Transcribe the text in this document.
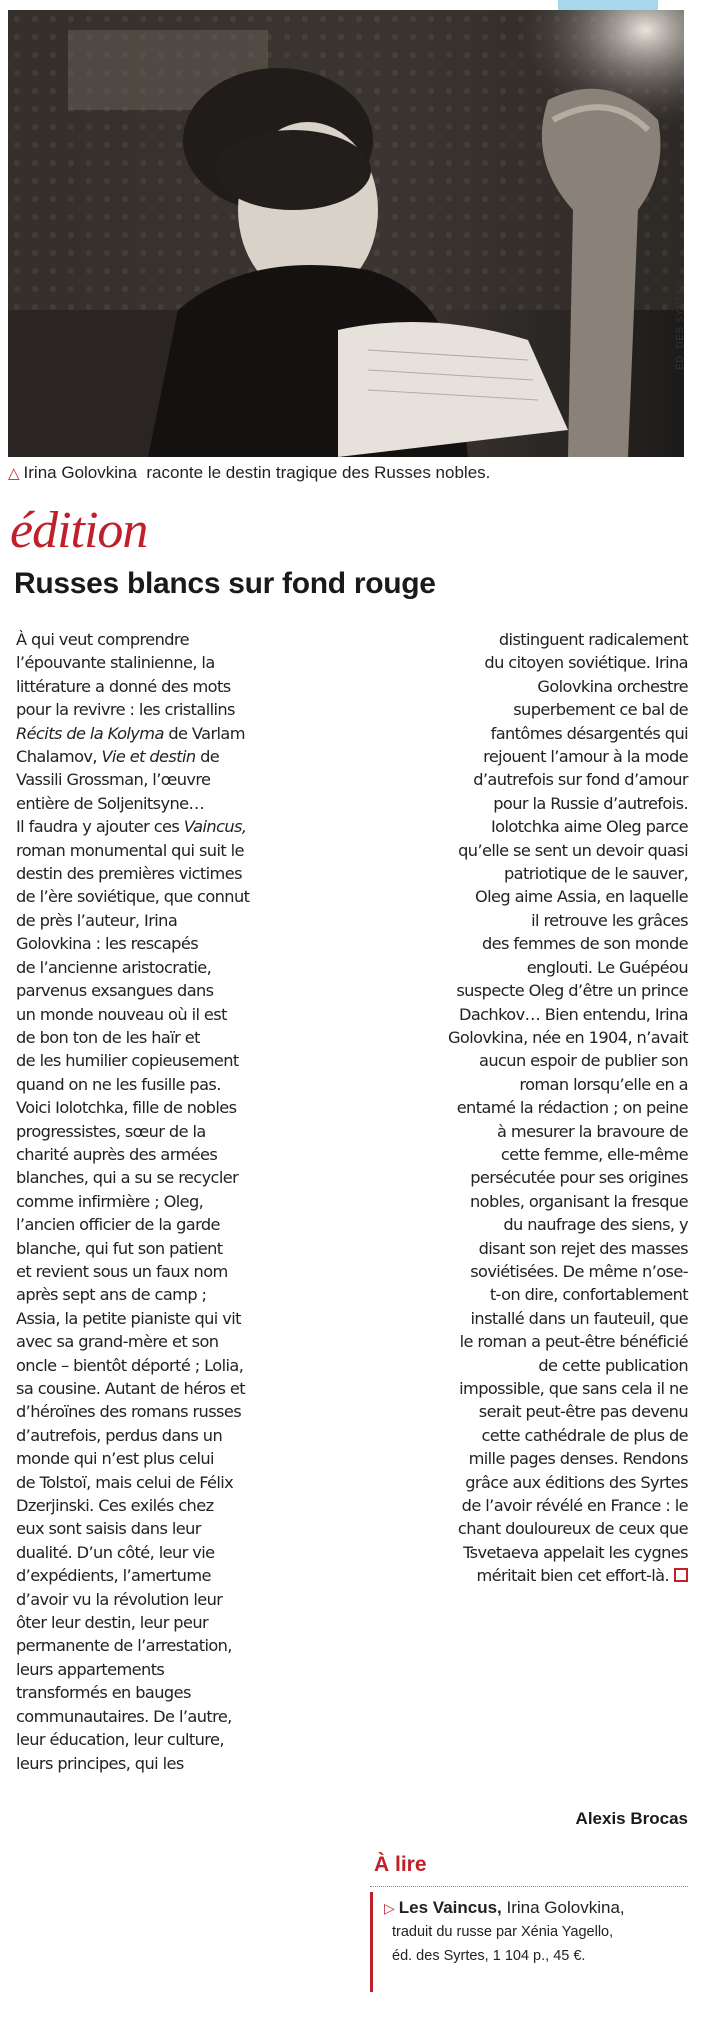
ÉD. DES SYRTES
△ Irina Golovkina raconte le destin tragique des Russes nobles.
édition
Russes blancs sur fond rouge
À qui veut comprendre
l’épouvante stalinienne, la
littérature a donné des mots
pour la revivre : les cristallins
Récits de la Kolyma de Varlam
Chalamov, Vie et destin de
Vassili Grossman, l’œuvre
entière de Soljenitsyne…
Il faudra y ajouter ces Vaincus,
roman monumental qui suit le
destin des premières victimes
de l’ère soviétique, que connut
de près l’auteur, Irina
Golovkina : les rescapés
de l’ancienne aristocratie,
parvenus exsangues dans
un monde nouveau où il est
de bon ton de les haïr et
de les humilier copieusement
quand on ne les fusille pas.
Voici Iolotchka, fille de nobles
progressistes, sœur de la
charité auprès des armées
blanches, qui a su se recycler
comme infirmière ; Oleg,
l’ancien officier de la garde
blanche, qui fut son patient
et revient sous un faux nom
après sept ans de camp ;
Assia, la petite pianiste qui vit
avec sa grand-mère et son
oncle – bientôt déporté ; Lolia,
sa cousine. Autant de héros et
d’héroïnes des romans russes
d’autrefois, perdus dans un
monde qui n’est plus celui
de Tolstoï, mais celui de Félix
Dzerjinski. Ces exilés chez
eux sont saisis dans leur
dualité. D’un côté, leur vie
d’expédients, l’amertume
d’avoir vu la révolution leur
ôter leur destin, leur peur
permanente de l’arrestation,
leurs appartements
transformés en bauges
communautaires. De l’autre,
leur éducation, leur culture,
leurs principes, qui les
distinguent radicalement
du citoyen soviétique. Irina
Golovkina orchestre
superbement ce bal de
fantômes désargentés qui
rejouent l’amour à la mode
d’autrefois sur fond d’amour
pour la Russie d’autrefois.
Iolotchka aime Oleg parce
qu’elle se sent un devoir quasi
patriotique de le sauver,
Oleg aime Assia, en laquelle
il retrouve les grâces
des femmes de son monde
englouti. Le Guépéou
suspecte Oleg d’être un prince
Dachkov… Bien entendu, Irina
Golovkina, née en 1904, n’avait
aucun espoir de publier son
roman lorsqu’elle en a
entamé la rédaction ; on peine
à mesurer la bravoure de
cette femme, elle-même
persécutée pour ses origines
nobles, organisant la fresque
du naufrage des siens, y
disant son rejet des masses
soviétisées. De même n’ose-
t-on dire, confortablement
installé dans un fauteuil, que
le roman a peut-être bénéficié
de cette publication
impossible, que sans cela il ne
serait peut-être pas devenu
cette cathédrale de plus de
mille pages denses. Rendons
grâce aux éditions des Syrtes
de l’avoir révélé en France : le
chant douloureux de ceux que
Tsvetaeva appelait les cygnes
méritait bien cet effort-là.
Alexis Brocas
À lire
▷ Les Vaincus, Irina Golovkina,
traduit du russe par Xénia Yagello,
éd. des Syrtes, 1 104 p., 45 €.
